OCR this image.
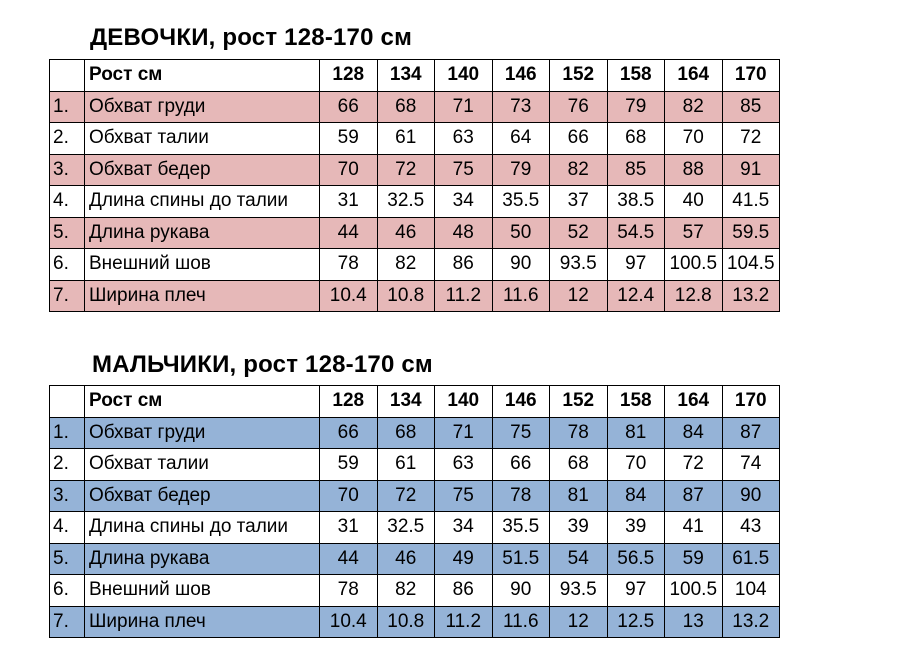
ДЕВОЧКИ, рост 128-170 см
	Рост см	128	134	140	146	152	158	164	170
1.	Обхват груди	66	68	71	73	76	79	82	85
2.	Обхват талии	59	61	63	64	66	68	70	72
3.	Обхват бедер	70	72	75	79	82	85	88	91
4.	Длина спины до талии	31	32.5	34	35.5	37	38.5	40	41.5
5.	Длина рукава	44	46	48	50	52	54.5	57	59.5
6.	Внешний шов	78	82	86	90	93.5	97	100.5	104.5
7.	Ширина плеч	10.4	10.8	11.2	11.6	12	12.4	12.8	13.2
МАЛЬЧИКИ, рост 128-170 см
	Рост см	128	134	140	146	152	158	164	170
1.	Обхват груди	66	68	71	75	78	81	84	87
2.	Обхват талии	59	61	63	66	68	70	72	74
3.	Обхват бедер	70	72	75	78	81	84	87	90
4.	Длина спины до талии	31	32.5	34	35.5	39	39	41	43
5.	Длина рукава	44	46	49	51.5	54	56.5	59	61.5
6.	Внешний шов	78	82	86	90	93.5	97	100.5	104
7.	Ширина плеч	10.4	10.8	11.2	11.6	12	12.5	13	13.2
